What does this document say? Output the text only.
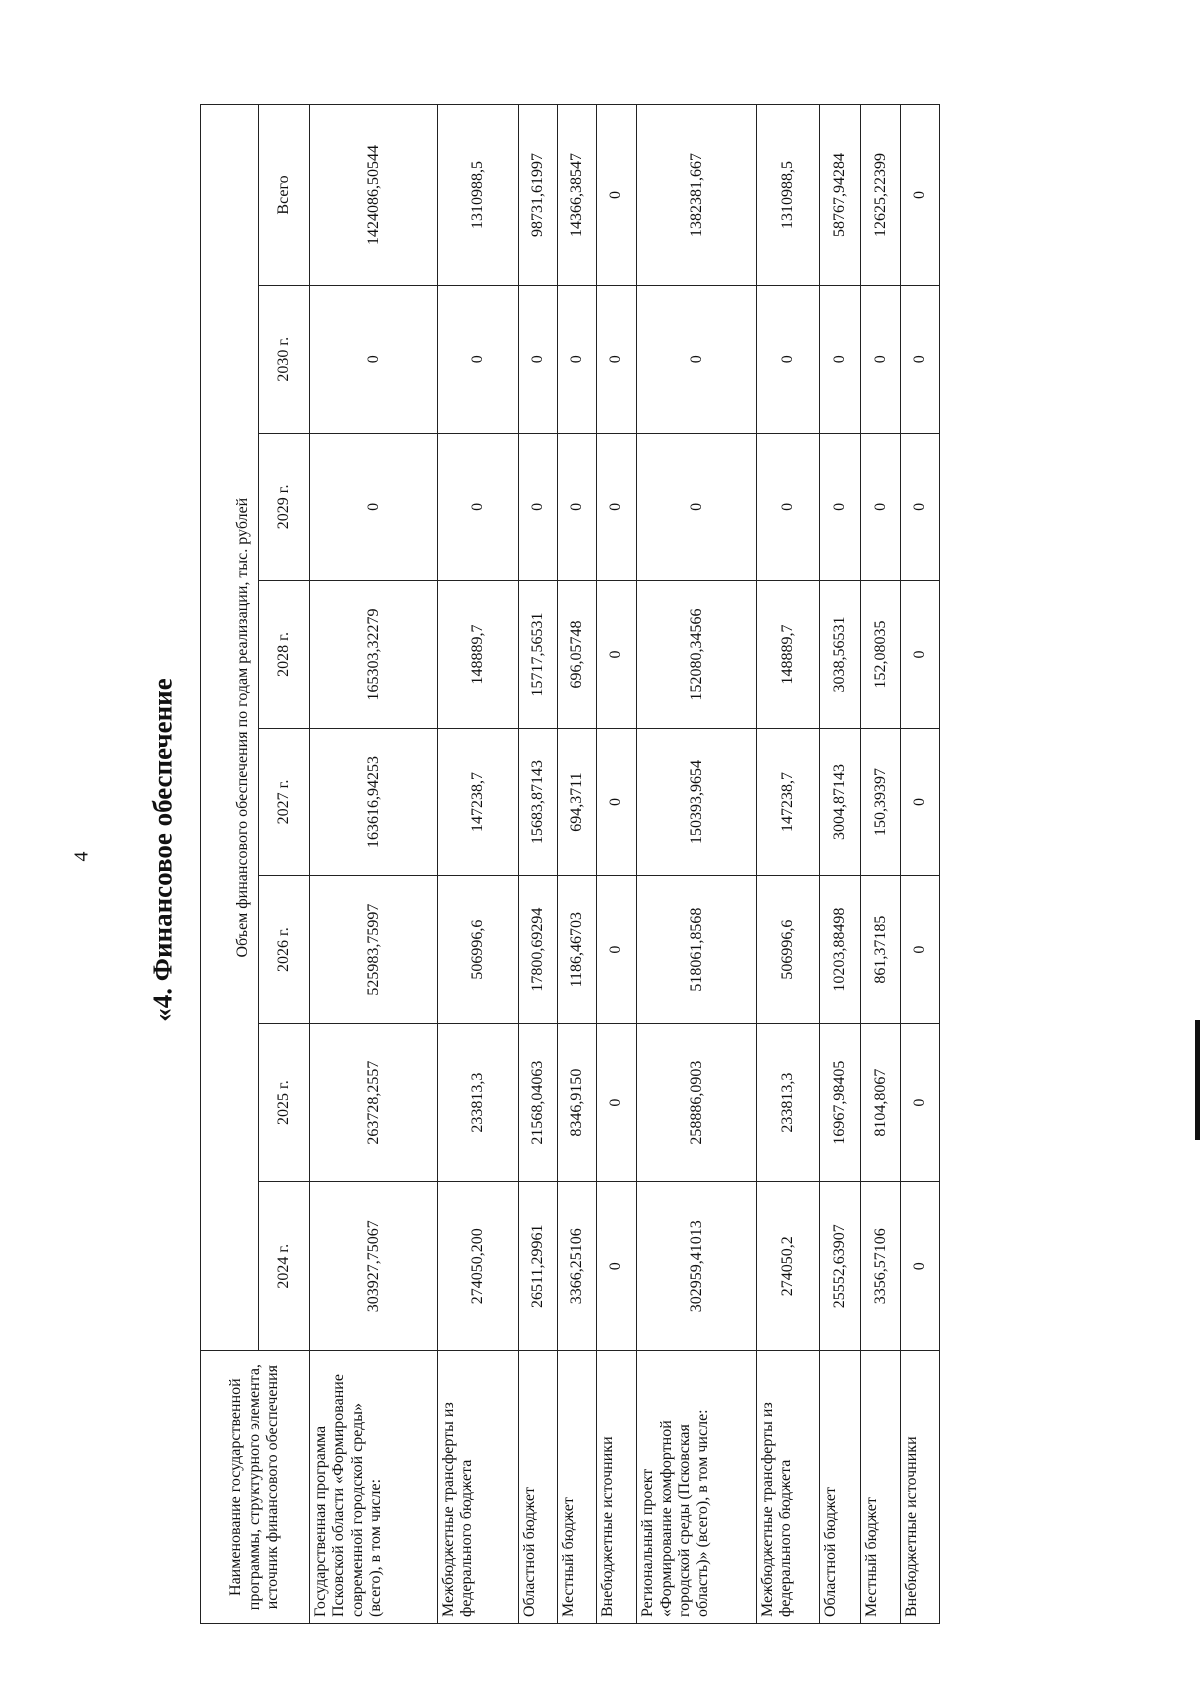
4 «4. Финансовое обеспечение
Наименование государственной программы, структурного элемента, источник финансового обеспечения	Объем финансового обеспечения по годам реализации, тыс. рублей							
	2024 г.	2025 г.	2026 г.	2027 г.	2028 г.	2029 г.	2030 г.	Всего
Государственная программа Псковской области «Формирование современной городской среды» (всего), в том числе:	303927,75067	263728,2557	525983,75997	163616,94253	165303,32279	0	0	1424086,50544
Межбюджетные трансферты из федерального бюджета	274050,200	233813,3	506996,6	147238,7	148889,7	0	0	1310988,5
Областной бюджет	26511,29961	21568,04063	17800,69294	15683,87143	15717,56531	0	0	98731,61997
Местный бюджет	3366,25106	8346,9150	1186,46703	694,3711	696,05748	0	0	14366,38547
Внебюджетные источники	0	0	0	0	0	0	0	0
Региональный проект «Формирование комфортной городской среды (Псковская область)» (всего), в том числе:	302959,41013	258886,0903	518061,8568	150393,9654	152080,34566	0	0	1382381,667
Межбюджетные трансферты из федерального бюджета	274050,2	233813,3	506996,6	147238,7	148889,7	0	0	1310988,5
Областной бюджет	25552,63907	16967,98405	10203,88498	3004,87143	3038,56531	0	0	58767,94284
Местный бюджет	3356,57106	8104,8067	861,37185	150,39397	152,08035	0	0	12625,22399
Внебюджетные источники	0	0	0	0	0	0	0	0
